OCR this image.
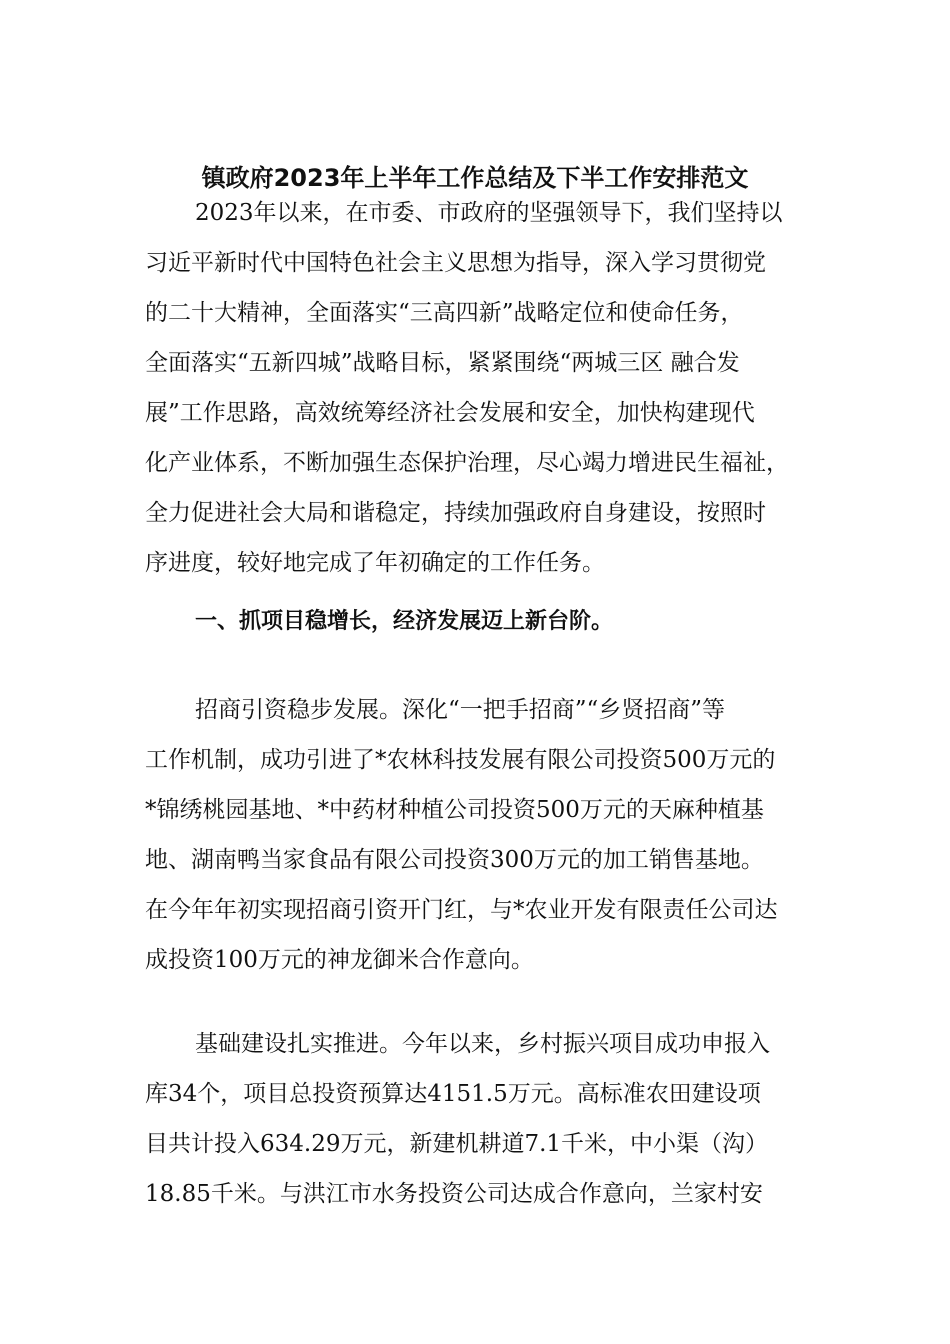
镇政府2023年上半年工作总结及下半工作安排范文
2023年以来，在市委、市政府的坚强领导下，我们坚持以
习近平新时代中国特色社会主义思想为指导，深入学习贯彻党
的二十大精神，全面落实“三高四新”战略定位和使命任务，
全面落实“五新四城”战略目标，紧紧围绕“两城三区 融合发
展”工作思路，高效统筹经济社会发展和安全，加快构建现代
化产业体系，不断加强生态保护治理，尽心竭力增进民生福祉，
全力促进社会大局和谐稳定，持续加强政府自身建设，按照时
序进度，较好地完成了年初确定的工作任务。
一、抓项目稳增长，经济发展迈上新台阶。
招商引资稳步发展。深化“一把手招商”“乡贤招商”等
工作机制，成功引进了*农林科技发展有限公司投资500万元的
*锦绣桃园基地、*中药材种植公司投资500万元的天麻种植基
地、湖南鸭当家食品有限公司投资300万元的加工销售基地。
在今年年初实现招商引资开门红，与*农业开发有限责任公司达
成投资100万元的神龙御米合作意向。
基础建设扎实推进。今年以来，乡村振兴项目成功申报入
库34个，项目总投资预算达4151.5万元。高标准农田建设项
目共计投入634.29万元，新建机耕道7.1千米，中小渠（沟）
18.85千米。与洪江市水务投资公司达成合作意向，兰家村安
